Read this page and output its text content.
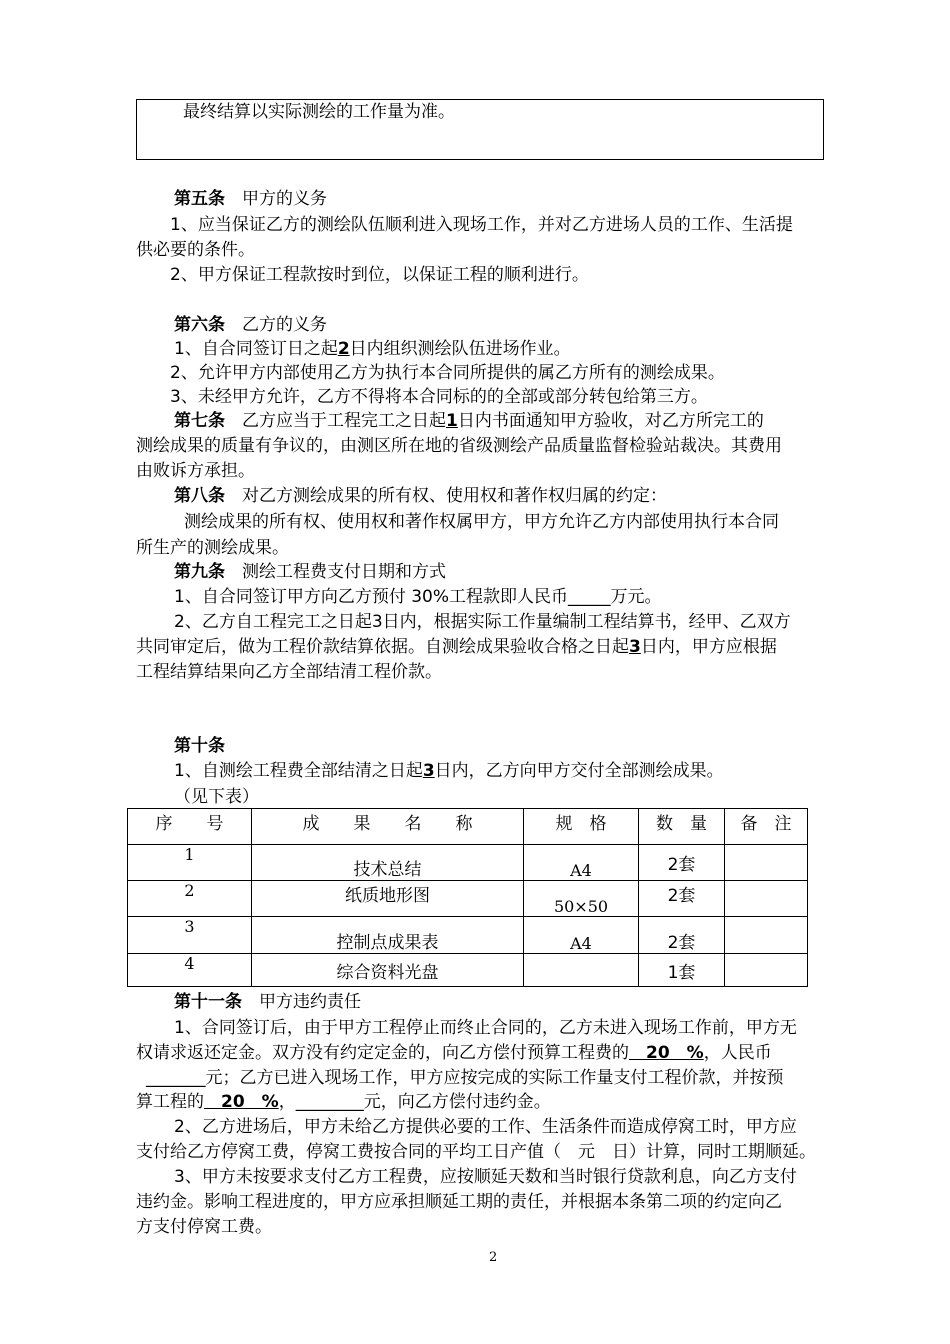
最终结算以实际测绘的工作量为准。
第五条　 甲方的义务
1、应当保证乙方的测绘队伍顺利进入现场工作，并对乙方进场人员的工作、生活提
供必要的条件。
2、甲方保证工程款按时到位，以保证工程的顺利进行。
第六条　 乙方的义务
1、自合同签订日之起2日内组织测绘队伍进场作业。
2、允许甲方内部使用乙方为执行本合同所提供的属乙方所有的测绘成果。
3、未经甲方允许，乙方不得将本合同标的的全部或部分转包给第三方。
第七条　 乙方应当于工程完工之日起1日内书面通知甲方验收，对乙方所完工的
测绘成果的质量有争议的，由测区所在地的省级测绘产品质量监督检验站裁决。其费用
由败诉方承担。
第八条　 对乙方测绘成果的所有权、使用权和著作权归属的约定：
测绘成果的所有权、使用权和著作权属甲方，甲方允许乙方内部使用执行本合同
所生产的测绘成果。
第九条　 测绘工程费支付日期和方式
1、自合同签订甲方向乙方预付 30%工程款即人民币_____万元。
2、乙方自工程完工之日起3日内，根据实际工作量编制工程结算书，经甲、乙双方
共同审定后，做为工程价款结算依据。自测绘成果验收合格之日起3日内，甲方应根据
工程结算结果向乙方全部结清工程价款。
第十条
1、自测绘工程费全部结清之日起3日内，乙方向甲方交付全部测绘成果。
（见下表）
序　　号	成　　果　　名　　称	规　格	数　量	备　注
1	技术总结	A4	2套	
2	纸质地形图	50×50	2套	
3	控制点成果表	A4	2套	
4	综合资料光盘		1套	
第十一条　 甲方违约责任
1、合同签订后，由于甲方工程停止而终止合同的，乙方未进入现场工作前，甲方无
权请求返还定金。双方没有约定定金的，向乙方偿付预算工程费的　20　%，人民币
_______元；乙方已进入现场工作，甲方应按完成的实际工作量支付工程价款，并按预
算工程的　20　%，________元，向乙方偿付违约金。
2、乙方进场后，甲方未给乙方提供必要的工作、生活条件而造成停窝工时，甲方应
支付给乙方停窝工费，停窝工费按合同的平均工日产值（　元　日）计算，同时工期顺延。
3、甲方未按要求支付乙方工程费，应按顺延天数和当时银行贷款利息，向乙方支付
违约金。影响工程进度的，甲方应承担顺延工期的责任，并根据本条第二项的约定向乙
方支付停窝工费。
2
